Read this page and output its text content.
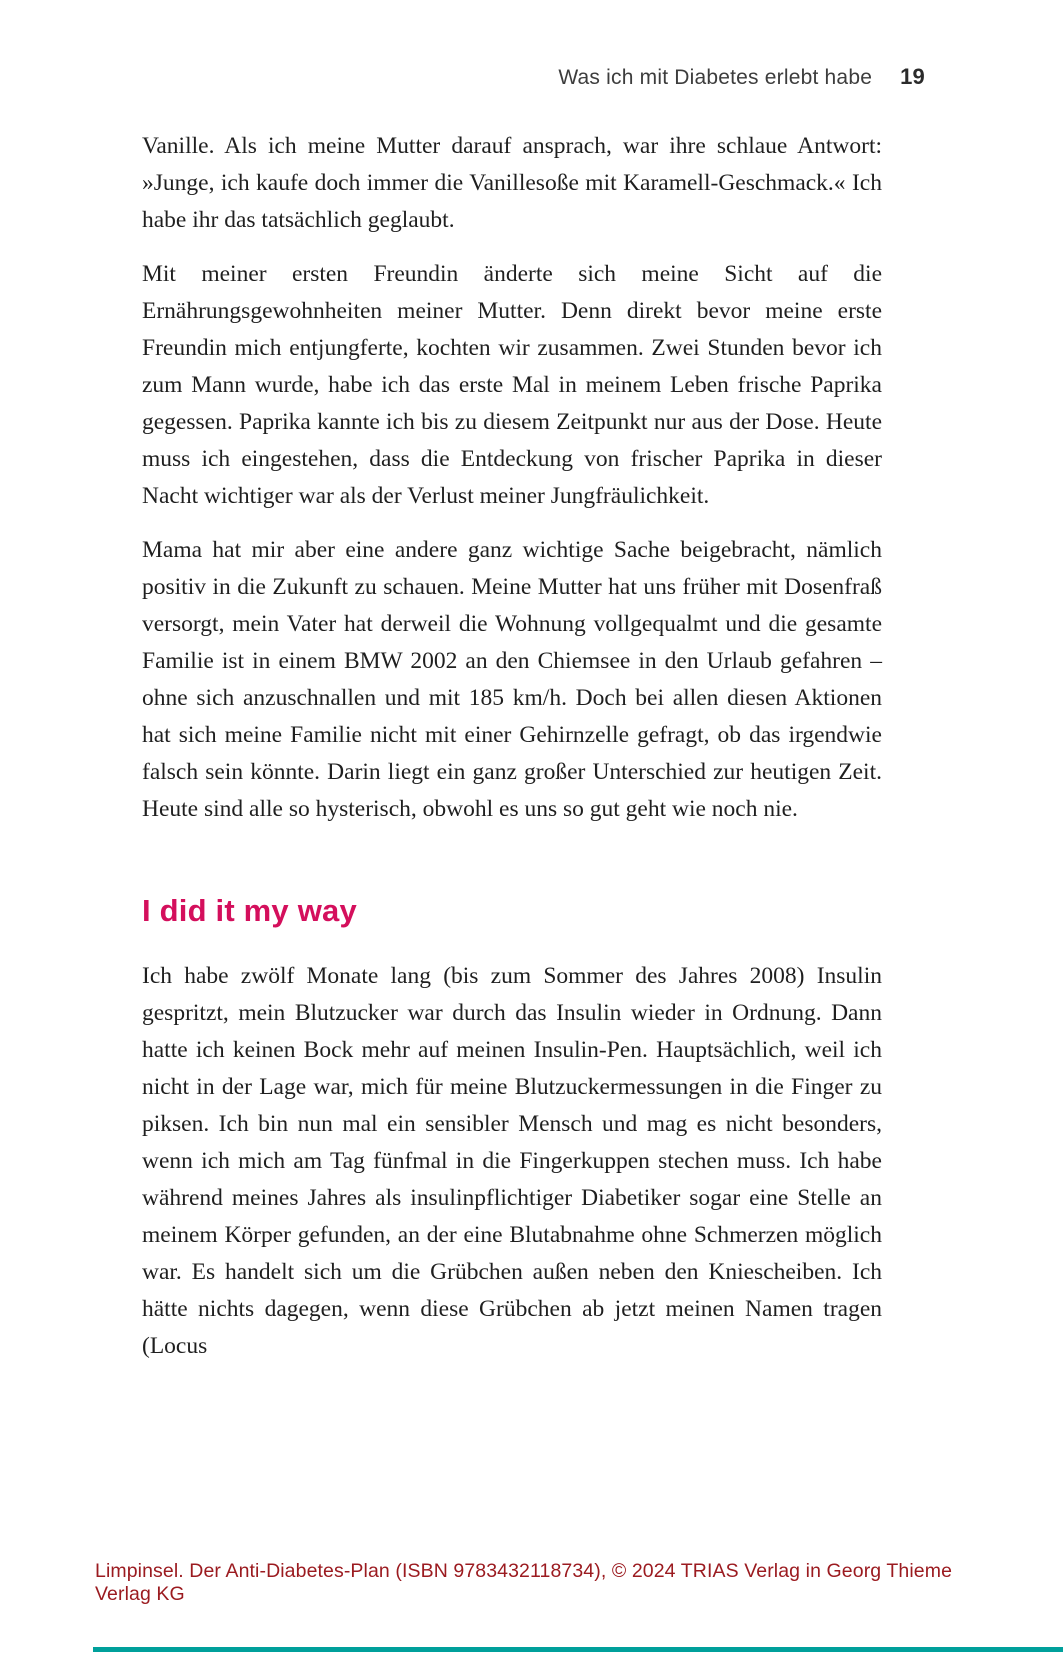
Was ich mit Diabetes erlebt habe 19

Vanille. Als ich meine Mutter darauf ansprach, war ihre schlaue Antwort: »Junge, ich kaufe doch immer die Vanillesoße mit Karamell-Geschmack.« Ich habe ihr das tatsächlich geglaubt.

Mit meiner ersten Freundin änderte sich meine Sicht auf die Ernährungsgewohnheiten meiner Mutter. Denn direkt bevor meine erste Freundin mich entjungferte, kochten wir zusammen. Zwei Stunden bevor ich zum Mann wurde, habe ich das erste Mal in meinem Leben frische Paprika gegessen. Paprika kannte ich bis zu diesem Zeitpunkt nur aus der Dose. Heute muss ich eingestehen, dass die Entdeckung von frischer Paprika in dieser Nacht wichtiger war als der Verlust meiner Jungfräulichkeit.

Mama hat mir aber eine andere ganz wichtige Sache beigebracht, nämlich positiv in die Zukunft zu schauen. Meine Mutter hat uns früher mit Dosenfraß versorgt, mein Vater hat derweil die Wohnung vollgequalmt und die gesamte Familie ist in einem BMW 2002 an den Chiemsee in den Urlaub gefahren – ohne sich anzuschnallen und mit 185 km/h. Doch bei allen diesen Aktionen hat sich meine Familie nicht mit einer Gehirnzelle gefragt, ob das irgendwie falsch sein könnte. Darin liegt ein ganz großer Unterschied zur heutigen Zeit. Heute sind alle so hysterisch, obwohl es uns so gut geht wie noch nie.

I did it my way

Ich habe zwölf Monate lang (bis zum Sommer des Jahres 2008) Insulin gespritzt, mein Blutzucker war durch das Insulin wieder in Ordnung. Dann hatte ich keinen Bock mehr auf meinen Insulin-Pen. Hauptsächlich, weil ich nicht in der Lage war, mich für meine Blutzuckermessungen in die Finger zu piksen. Ich bin nun mal ein sensibler Mensch und mag es nicht besonders, wenn ich mich am Tag fünfmal in die Fingerkuppen stechen muss. Ich habe während meines Jahres als insulinpflichtiger Diabetiker sogar eine Stelle an meinem Körper gefunden, an der eine Blutabnahme ohne Schmerzen möglich war. Es handelt sich um die Grübchen außen neben den Kniescheiben. Ich hätte nichts dagegen, wenn diese Grübchen ab jetzt meinen Namen tragen (Locus

Limpinsel. Der Anti-Diabetes-Plan (ISBN 9783432118734), © 2024 TRIAS Verlag in Georg Thieme Verlag KG
